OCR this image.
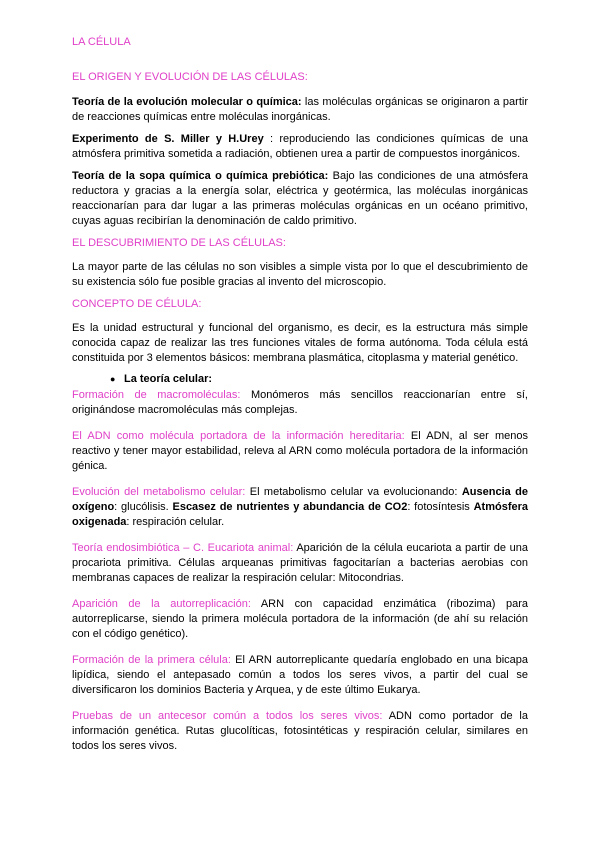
LA CÉLULA
EL ORIGEN Y EVOLUCIÓN DE LAS CÉLULAS:

Teoría de la evolución molecular o química: las moléculas orgánicas se originaron a partir de reacciones químicas entre moléculas inorgánicas.

Experimento de S. Miller y H.Urey : reproduciendo las condiciones químicas de una atmósfera primitiva sometida a radiación, obtienen urea a partir de compuestos inorgánicos.

Teoría de la sopa química o química prebiótica: Bajo las condiciones de una atmósfera reductora y gracias a la energía solar, eléctrica y geotérmica, las moléculas inorgánicas reaccionarían para dar lugar a las primeras moléculas orgánicas en un océano primitivo, cuyas aguas recibirían la denominación de caldo primitivo.

EL DESCUBRIMIENTO DE LAS CÉLULAS:

La mayor parte de las células no son visibles a simple vista por lo que el descubrimiento de su existencia sólo fue posible gracias al invento del microscopio.

CONCEPTO DE CÉLULA:

Es la unidad estructural y funcional del organismo, es decir, es la estructura más simple conocida capaz de realizar las tres funciones vitales de forma autónoma. Toda célula está constituida por 3 elementos básicos: membrana plasmática, citoplasma y material genético.

● La teoría celular:

Formación de macromoléculas: Monómeros más sencillos reaccionarían entre sí, originándose macromoléculas más complejas.

El ADN como molécula portadora de la información hereditaria: El ADN, al ser menos reactivo y tener mayor estabilidad, releva al ARN como molécula portadora de la información génica.

Evolución del metabolismo celular: El metabolismo celular va evolucionando: Ausencia de oxígeno: glucólisis. Escasez de nutrientes y abundancia de CO2: fotosíntesis Atmósfera oxigenada: respiración celular.

Teoría endosimbiótica – C. Eucariota animal: Aparición de la célula eucariota a partir de una procariota primitiva. Células arqueanas primitivas fagocitarían a bacterias aerobias con membranas capaces de realizar la respiración celular: Mitocondrias.

Aparición de la autorreplicación: ARN con capacidad enzimática (ribozima) para autorreplicarse, siendo la primera molécula portadora de la información (de ahí su relación con el código genético).

Formación de la primera célula: El ARN autorreplicante quedaría englobado en una bicapa lipídica, siendo el antepasado común a todos los seres vivos, a partir del cual se diversificaron los dominios Bacteria y Arquea, y de este último Eukarya.

Pruebas de un antecesor común a todos los seres vivos: ADN como portador de la información genética. Rutas glucolíticas, fotosintéticas y respiración celular, similares en todos los seres vivos.
